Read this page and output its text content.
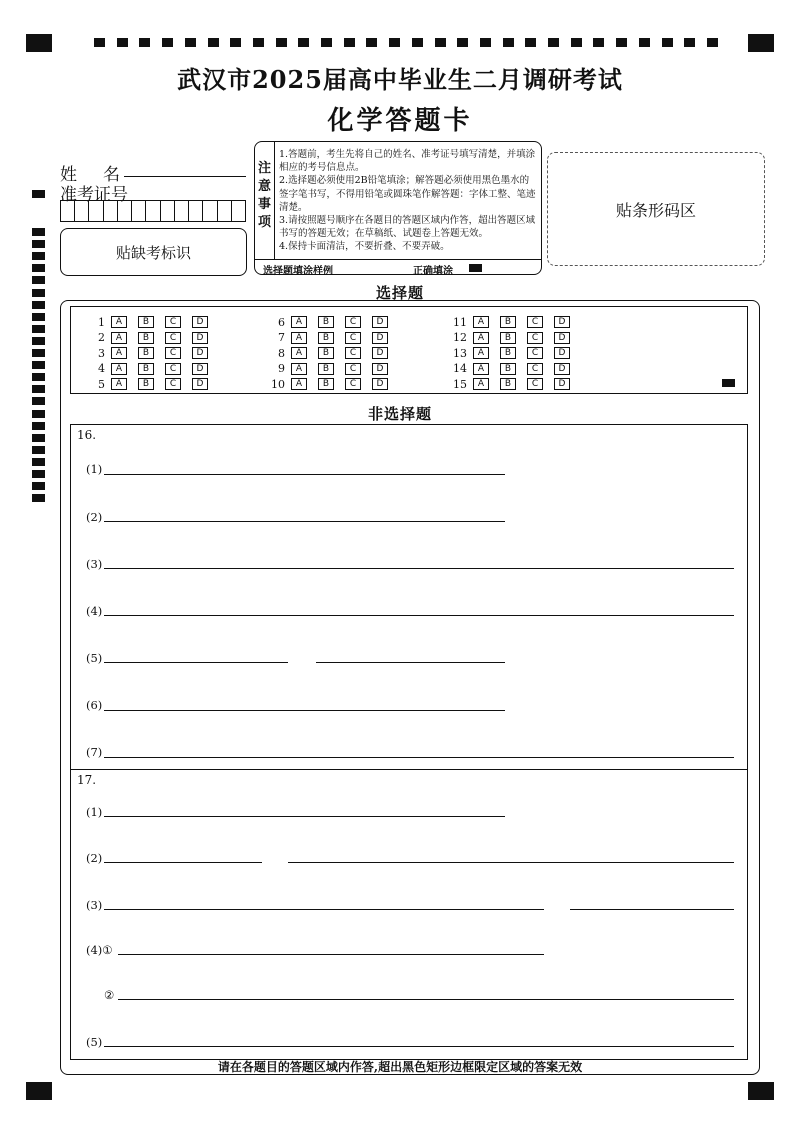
武汉市2025届高中毕业生二月调研考试
化学答题卡
姓 名
准考证号
贴缺考标识
注
意
事
项
1.答题前，考生先将自己的姓名、准考证号填写清楚，并填涂相应的考号信息点。
2.选择题必须使用2B铅笔填涂；解答题必须使用黑色墨水的签字笔书写，不得用铅笔或圆珠笔作解答题：字体工整、笔迹清楚。
3.请按照题号顺序在各题目的答题区域内作答，超出答题区域书写的答题无效；在草稿纸、试题卷上答题无效。
4.保持卡面清洁，不要折叠、不要弄破。
选择题填涂样例	正确填涂
贴条形码区
选择题
1	A	B	C	D
2	A	B	C	D
3	A	B	C	D
4	A	B	C	D
5	A	B	C	D
6	A	B	C	D
7	A	B	C	D
8	A	B	C	D
9	A	B	C	D
10	A	B	C	D
11	A	B	C	D
12	A	B	C	D
13	A	B	C	D
14	A	B	C	D
15	A	B	C	D
非选择题
16.
(1)
(2)
(3)
(4)
(5)
(6)
(7)
17.
(1)
(2)
(3)
(4)①
②
(5)
请在各题目的答题区域内作答,超出黑色矩形边框限定区域的答案无效
